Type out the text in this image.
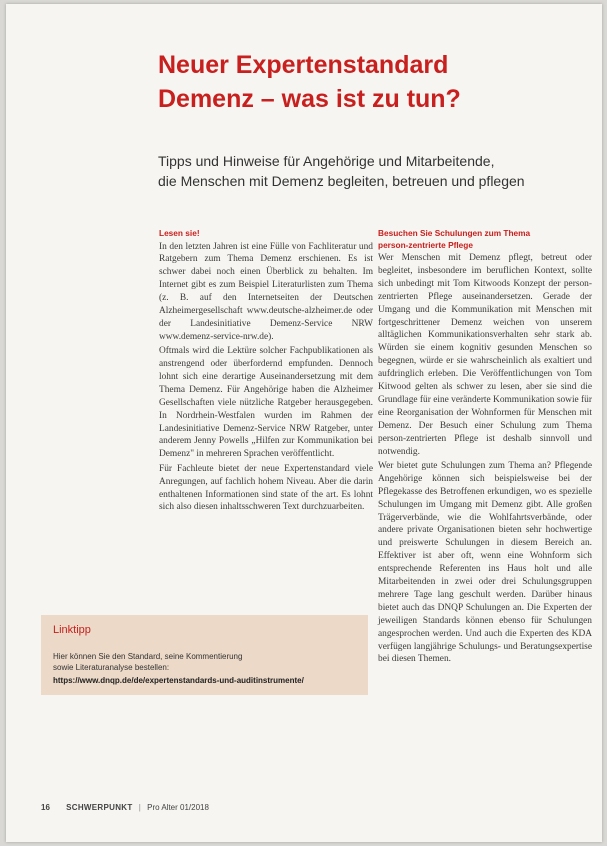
Neuer Expertenstandard
Demenz – was ist zu tun?
Tipps und Hinweise für Angehörige und Mitarbeitende,
die Menschen mit Demenz begleiten, betreuen und pflegen
Lesen sie!

In den letzten Jahren ist eine Fülle von Fachliteratur und Ratgebern zum Thema Demenz erschienen. Es ist schwer dabei noch einen Überblick zu behalten. Im Internet gibt es zum Beispiel Literaturlisten zum Thema (z. B. auf den Internetseiten der Deutschen Alzheimergesellschaft www.deutsche-alzheimer.de oder der Landesinitiative Demenz-Service NRW www.demenz-service-nrw.de).

Oftmals wird die Lektüre solcher Fachpublikationen als anstrengend oder überfordernd empfunden. Dennoch lohnt sich eine derartige Auseinandersetzung mit dem Thema Demenz. Für Angehörige haben die Alzheimer Gesellschaften viele nützliche Ratgeber herausgegeben. In Nordrhein-Westfalen wurden im Rahmen der Landesinitiative Demenz-Service NRW Ratgeber, unter anderem Jenny Powells „Hilfen zur Kommunikation bei Demenz" in mehreren Sprachen veröffentlicht.

Für Fachleute bietet der neue Expertenstandard viele Anregungen, auf fachlich hohem Niveau. Aber die darin enthaltenen Informationen sind state of the art. Es lohnt sich also diesen inhaltsschweren Text durchzuarbeiten.

Besuchen Sie Schulungen zum Thema
person-zentrierte Pflege

Wer Menschen mit Demenz pflegt, betreut oder begleitet, insbesondere im beruflichen Kontext, sollte sich unbedingt mit Tom Kitwoods Konzept der person-zentrierten Pflege auseinandersetzen. Gerade der Umgang und die Kommunikation mit Menschen mit fortgeschrittener Demenz weichen von unserem alltäglichen Kommunikationsverhalten sehr stark ab. Würden sie einem kognitiv gesunden Menschen so begegnen, würde er sie wahrscheinlich als exaltiert und aufdringlich erleben. Die Veröffentlichungen von Tom Kitwood gelten als schwer zu lesen, aber sie sind die Grundlage für eine veränderte Kommunikation sowie für eine Reorganisation der Wohnformen für Menschen mit Demenz. Der Besuch einer Schulung zum Thema person-zentrierten Pflege ist deshalb sinnvoll und notwendig.

Wer bietet gute Schulungen zum Thema an? Pflegende Angehörige können sich beispielsweise bei der Pflegekasse des Betroffenen erkundigen, wo es spezielle Schulungen im Umgang mit Demenz gibt. Alle großen Trägerverbände, wie die Wohlfahrtsverbände, oder andere private Organisationen bieten sehr hochwertige und preiswerte Schulungen in diesem Bereich an. Effektiver ist aber oft, wenn eine Wohnform sich entsprechende Referenten ins Haus holt und alle Mitarbeitenden in zwei oder drei Schulungsgruppen mehrere Tage lang geschult werden. Darüber hinaus bietet auch das DNQP Schulungen an. Die Experten der jeweiligen Standards können ebenso für Schulungen angesprochen werden. Und auch die Experten des KDA verfügen langjährige Schulungs- und Beratungsexpertise bei diesen Themen.

Linktipp
Hier können Sie den Standard, seine Kommentierung
sowie Literaturanalyse bestellen:
https://www.dnqp.de/de/expertenstandards-und-auditinstrumente/
16 SCHWERPUNKT | Pro Alter 01/2018
